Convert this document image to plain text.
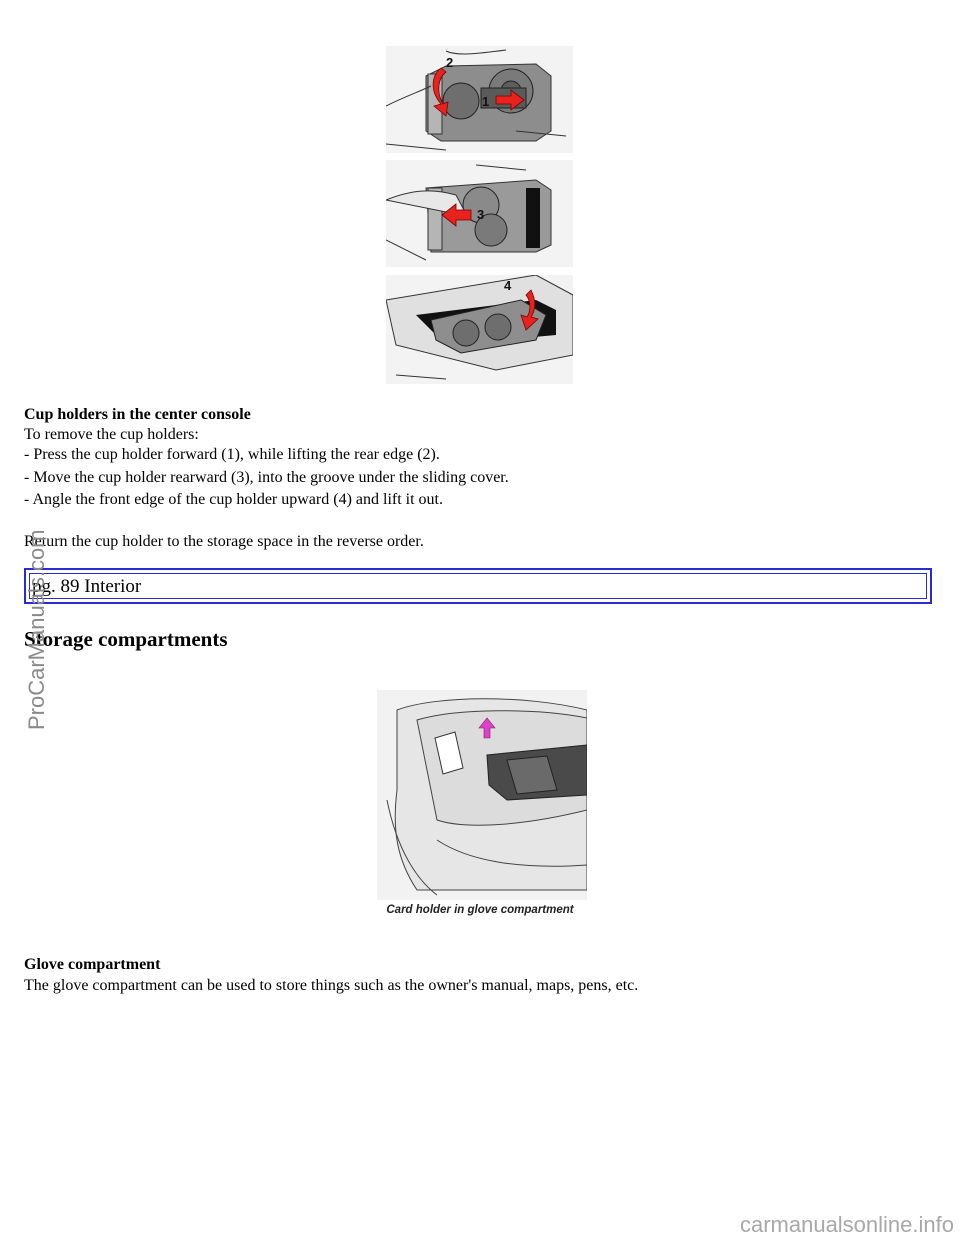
2
1
3
4
Cup holders in the center console
To remove the cup holders:
- Press the cup holder forward (1), while lifting the rear edge (2).
- Move the cup holder rearward (3), into the groove under the sliding cover.
- Angle the front edge of the cup holder upward (4) and lift it out.
Return the cup holder to the storage space in the reverse order.
pg. 89 Interior
Storage compartments
Card holder in glove compartment
Glove compartment
The glove compartment can be used to store things such as the owner's manual, maps, pens, etc.
ProCarManuals.com
carmanualsonline.info
